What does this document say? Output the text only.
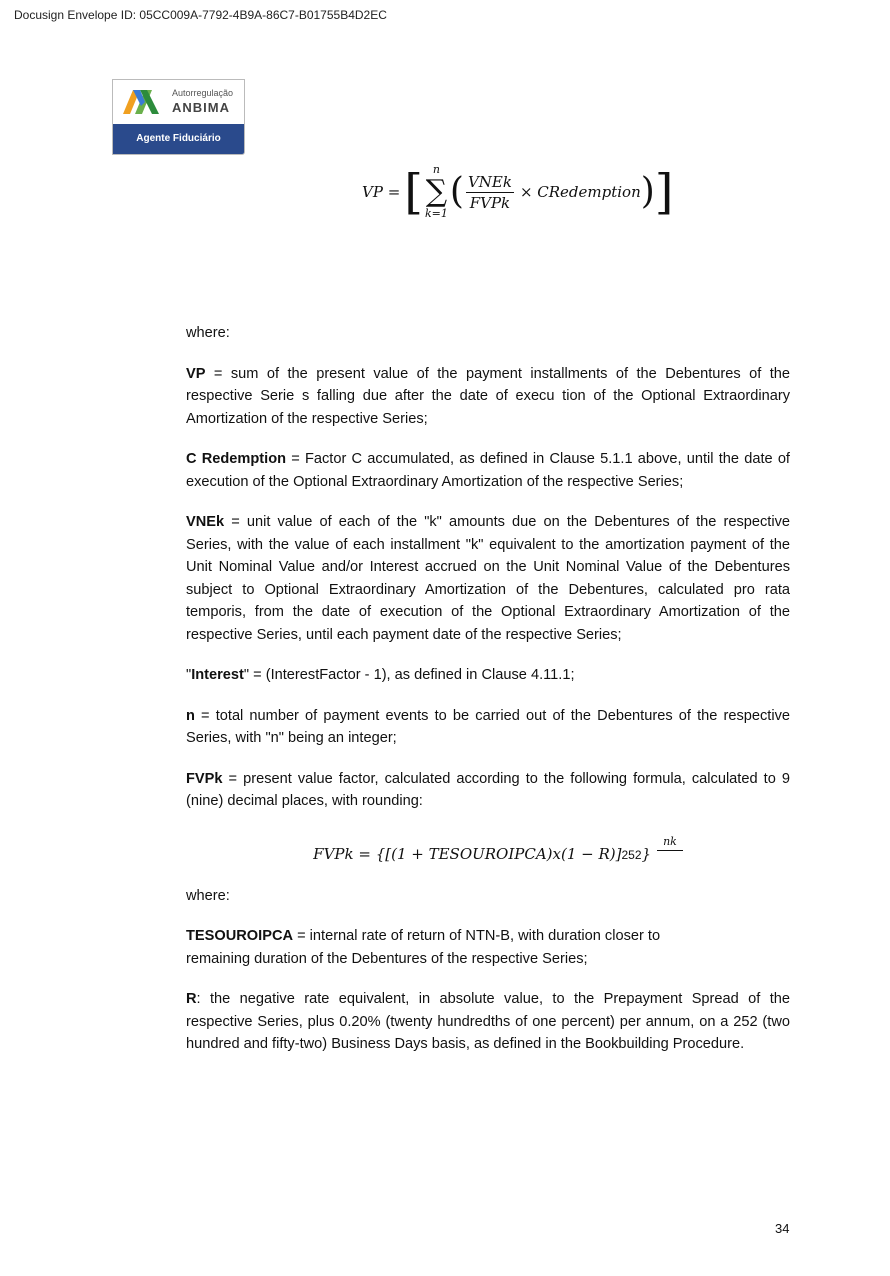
Docusign Envelope ID: 05CC009A-7792-4B9A-86C7-B01755B4D2EC
Autorregulação
ANBIMA
Agente Fiduciário
VP = [ n
∑
k=1
( $\frac{\text{VNEk}}{\text{FVPk}}$ × CRedemption ) ]
where:
VP = sum of the present value of the payment installments of the Debentures of the respective Serie s falling due after the date of execu tion of the Optional Extraordinary Amortization of the respective Series;
C Redemption = Factor C accumulated, as defined in Clause 5.1.1 above, until the date of execution of the Optional Extraordinary Amortization of the respective Series;
VNEk = unit value of each of the "k" amounts due on the Debentures of the respective Series, with the value of each installment "k" equivalent to the amortization payment of the Unit Nominal Value and/or Interest accrued on the Unit Nominal Value of the Debentures subject to Optional Extraordinary Amortization of the Debentures, calculated pro rata temporis, from the date of execution of the Optional Extraordinary Amortization of the respective Series, until each payment date of the respective Series;
"Interest" = (InterestFactor - 1), as defined in Clause 4.11.1;
n = total number of payment events to be carried out of the Debentures of the respective Series, with "n" being an integer;
FVPk = present value factor, calculated according to the following formula, calculated to 9 (nine) decimal places, with rounding:
FVPk = {[(1 + TESOUROIPCA)x(1 − R)]252}nk
where:
TESOUROIPCA = internal rate of return of NTN-B, with duration closer to
remaining duration of the Debentures of the respective Series;
R: the negative rate equivalent, in absolute value, to the Prepayment Spread of the respective Series, plus 0.20% (twenty hundredths of one percent) per annum, on a 252 (two hundred and fifty-two) Business Days basis, as defined in the Bookbuilding Procedure.
34
